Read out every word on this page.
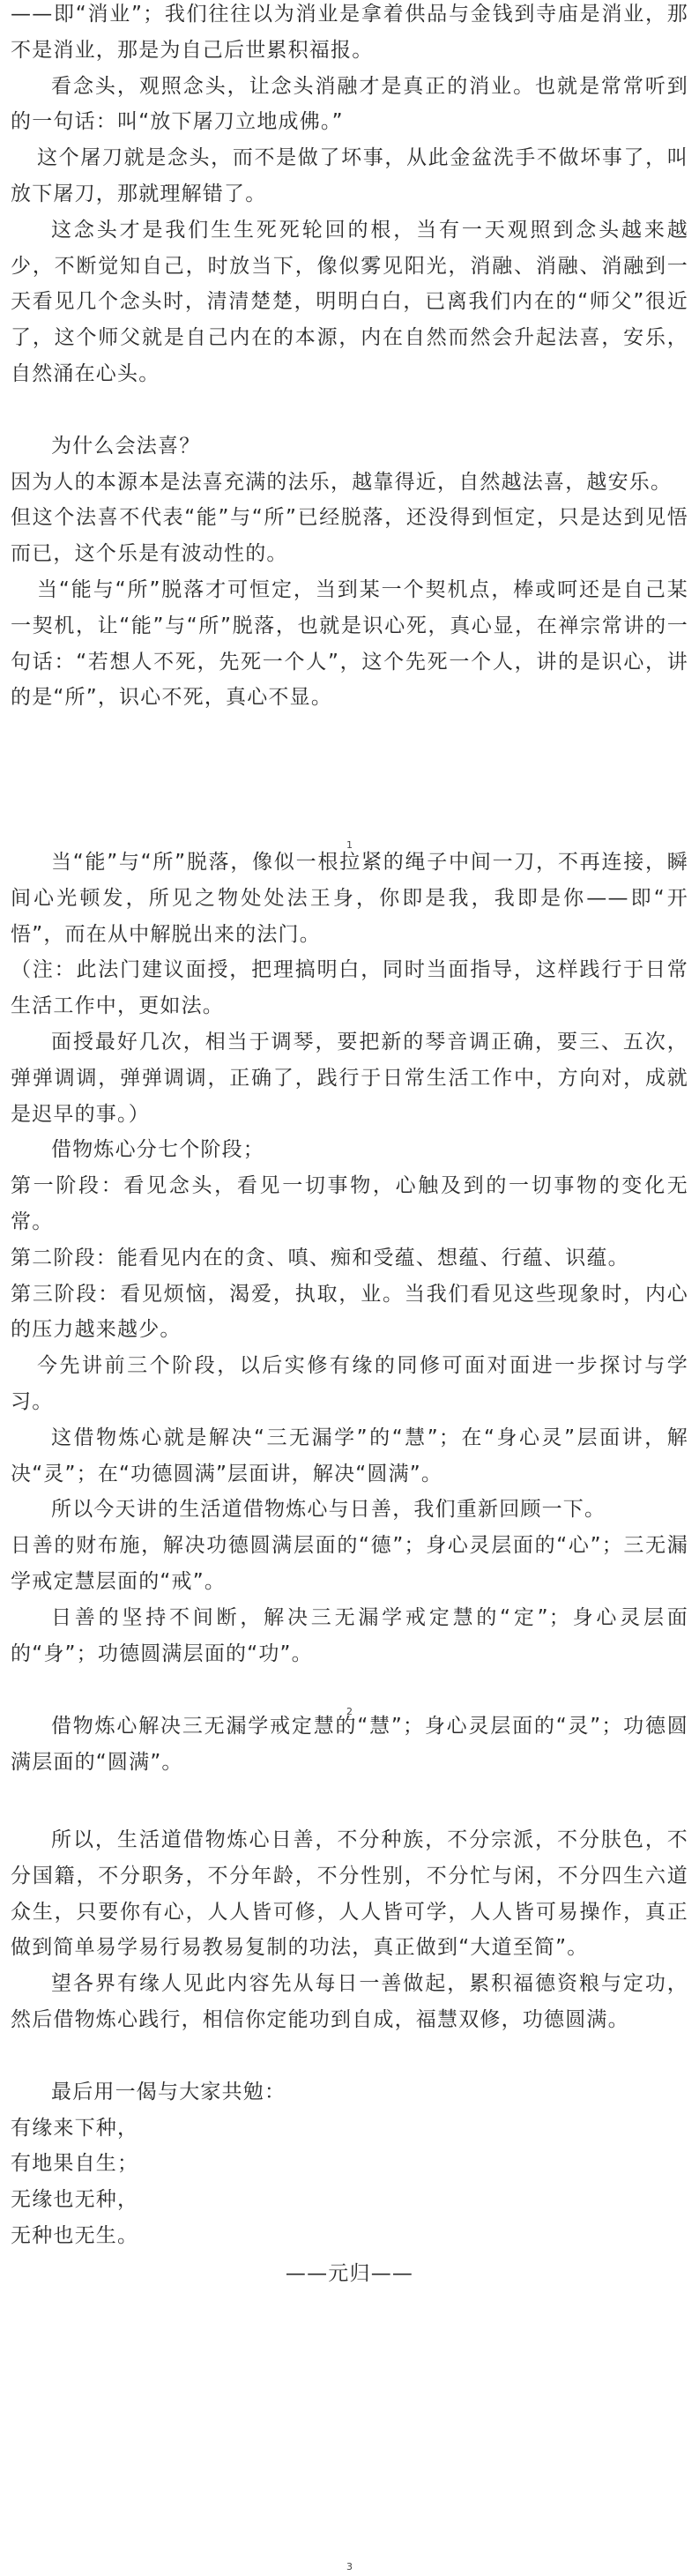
——即“消业”；我们往往以为消业是拿着供品与金钱到寺庙是消业，那不是消业，那是为自己后世累积福报。

看念头，观照念头，让念头消融才是真正的消业。也就是常常听到的一句话：叫“放下屠刀立地成佛。”

这个屠刀就是念头，而不是做了坏事，从此金盆洗手不做坏事了，叫放下屠刀，那就理解错了。

这念头才是我们生生死死轮回的根，当有一天观照到念头越来越少，不断觉知自己，时放当下，像似雾见阳光，消融、消融、消融到一天看见几个念头时，清清楚楚，明明白白，已离我们内在的“师父”很近了，这个师父就是自己内在的本源，内在自然而然会升起法喜，安乐，自然涌在心头。

为什么会法喜？

因为人的本源本是法喜充满的法乐，越靠得近，自然越法喜，越安乐。

但这个法喜不代表“能”与“所”已经脱落，还没得到恒定，只是达到见悟而已，这个乐是有波动性的。

当“能与“所”脱落才可恒定，当到某一个契机点，棒或呵还是自己某一契机，让“能”与“所”脱落，也就是识心死，真心显，在禅宗常讲的一句话：“若想人不死，先死一个人”，这个先死一个人，讲的是识心，讲的是“所”，识心不死，真心不显。

1

当“能”与“所”脱落，像似一根拉紧的绳子中间一刀，不再连接，瞬间心光顿发，所见之物处处法王身，你即是我，我即是你——即“开悟”，而在从中解脱出来的法门。

（注：此法门建议面授，把理搞明白，同时当面指导，这样践行于日常生活工作中，更如法。

面授最好几次，相当于调琴，要把新的琴音调正确，要三、五次，弹弹调调，弹弹调调，正确了，践行于日常生活工作中，方向对，成就是迟早的事。）

借物炼心分七个阶段；

第一阶段：看见念头，看见一切事物，心触及到的一切事物的变化无常。

第二阶段：能看见内在的贪、嗔、痴和受蕴、想蕴、行蕴、识蕴。

第三阶段：看见烦恼，渴爱，执取，业。当我们看见这些现象时，内心的压力越来越少。

今先讲前三个阶段，以后实修有缘的同修可面对面进一步探讨与学习。

这借物炼心就是解决“三无漏学”的“慧”；在“身心灵”层面讲，解决“灵”；在“功德圆满”层面讲，解决“圆满”。

所以今天讲的生活道借物炼心与日善，我们重新回顾一下。

日善的财布施，解决功德圆满层面的“德”；身心灵层面的“心”；三无漏学戒定慧层面的“戒”。

日善的坚持不间断，解决三无漏学戒定慧的“定”；身心灵层面的“身”；功德圆满层面的“功”。

2

借物炼心解决三无漏学戒定慧的“慧”；身心灵层面的“灵”；功德圆满层面的“圆满”。

所以，生活道借物炼心日善，不分种族，不分宗派，不分肤色，不分国籍，不分职务，不分年龄，不分性别，不分忙与闲，不分四生六道众生，只要你有心，人人皆可修，人人皆可学，人人皆可易操作，真正做到简单易学易行易教易复制的功法，真正做到“大道至简”。

望各界有缘人见此内容先从每日一善做起，累积福德资粮与定功，然后借物炼心践行，相信你定能功到自成，福慧双修，功德圆满。

最后用一偈与大家共勉：

有缘来下种，

有地果自生；

无缘也无种，

无种也无生。

——元归——

3
